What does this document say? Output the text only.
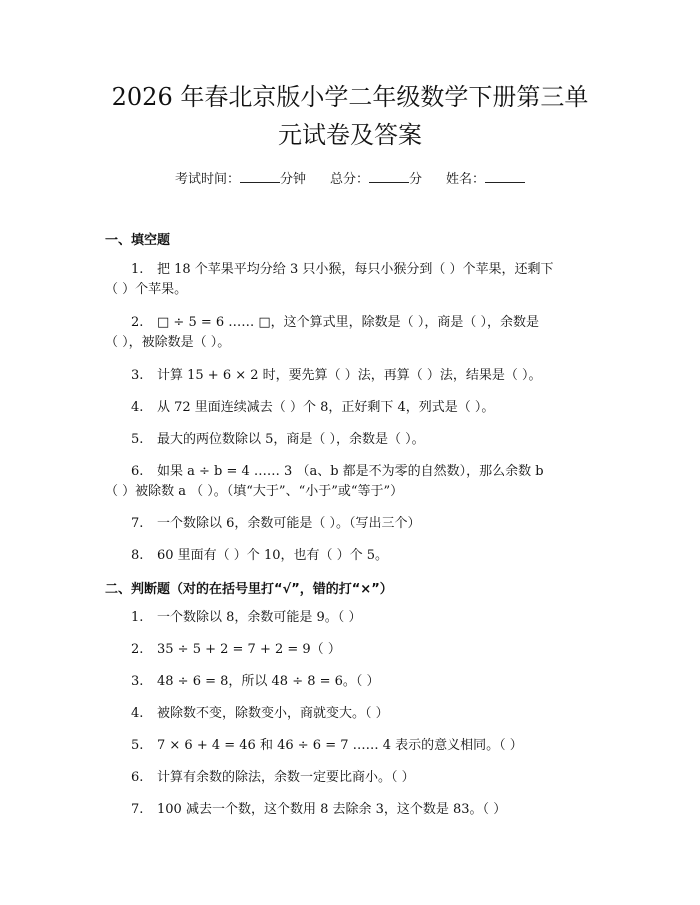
2026 年春北京版小学二年级数学下册第三单
元试卷及答案
考试时间：	分钟 总分：	分 姓名：
一、填空题
1. 把 18 个苹果平均分给 3 只小猴，每只小猴分到（ ）个苹果，还剩下
（ ）个苹果。
2. □ ÷ 5 = 6 …… □，这个算式里，除数是（ ），商是（ ），余数是
（ ），被除数是（ ）。
3. 计算 15 + 6 × 2 时，要先算（ ）法，再算（ ）法，结果是（ ）。
4. 从 72 里面连续减去（ ）个 8，正好剩下 4，列式是（ ）。
5. 最大的两位数除以 5，商是（ ），余数是（ ）。
6. 如果 a ÷ b = 4 …… 3 （a、b 都是不为零的自然数），那么余数 b
（ ）被除数 a （ ）。（填“大于”、“小于”或“等于”）
7. 一个数除以 6，余数可能是（ ）。（写出三个）
8. 60 里面有（ ）个 10，也有（ ）个 5。
二、判断题（对的在括号里打“√”，错的打“×”）
1. 一个数除以 8，余数可能是 9。（ ）
2. 35 ÷ 5 + 2 = 7 + 2 = 9（ ）
3. 48 ÷ 6 = 8，所以 48 ÷ 8 = 6。（ ）
4. 被除数不变，除数变小，商就变大。（ ）
5. 7 × 6 + 4 = 46 和 46 ÷ 6 = 7 …… 4 表示的意义相同。（ ）
6. 计算有余数的除法，余数一定要比商小。（ ）
7. 100 减去一个数，这个数用 8 去除余 3，这个数是 83。（ ）
